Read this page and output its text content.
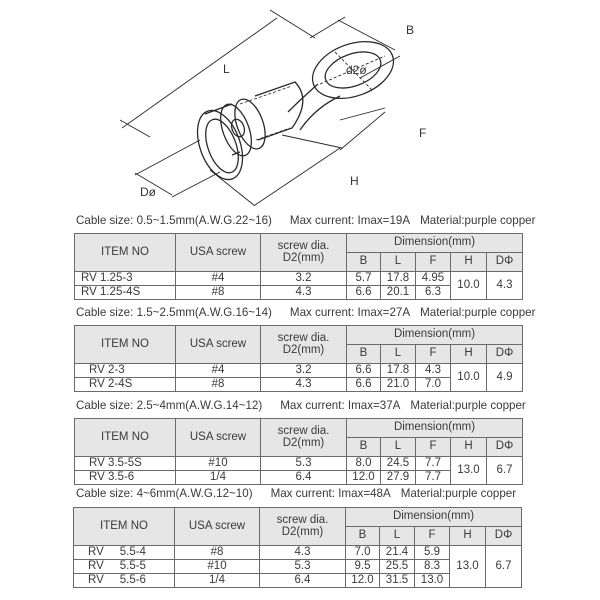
L
B
d2ø
F
H
Dø
Cable size: 0.5~1.5mm(A.W.G.22~16) Max current: Imax=19A Material:purple copper
ITEM NO	USA screw	screw dia.
D2(mm)	Dimension(mm)				
			B	L	F	H	DΦ
RV 1.25-3	#4	3.2	5.7	17.8	4.95	10.0	4.3
RV 1.25-4S	#8	4.3	6.6	20.1	6.3		
Cable size: 1.5~2.5mm(A.W.G.16~14) Max current: Imax=27A Material:purple copper
ITEM NO	USA screw	screw dia.
D2(mm)	Dimension(mm)				
			B	L	F	H	DΦ
RV 2-3	#4	3.2	6.6	17.8	4.3	10.0	4.9
RV 2-4S	#8	4.3	6.6	21.0	7.0		
Cable size: 2.5~4mm(A.W.G.14~12) Max current: Imax=37A Material:purple copper
ITEM NO	USA screw	screw dia.
D2(mm)	Dimension(mm)				
			B	L	F	H	DΦ
RV 3.5-5S	#10	5.3	8.0	24.5	7.7	13.0	6.7
RV 3.5-6	1/4	6.4	12.0	27.9	7.7		
Cable size: 4~6mm(A.W.G.12~10) Max current: Imax=48A Material:purple copper
ITEM NO	USA screw	screw dia.
D2(mm)	Dimension(mm)				
			B	L	F	H	DΦ
RV     5.5-4	#8	4.3	7.0	21.4	5.9	13.0	6.7
RV     5.5-5	#10	5.3	9.5	25.5	8.3		
RV     5.5-6	1/4	6.4	12.0	31.5	13.0		
